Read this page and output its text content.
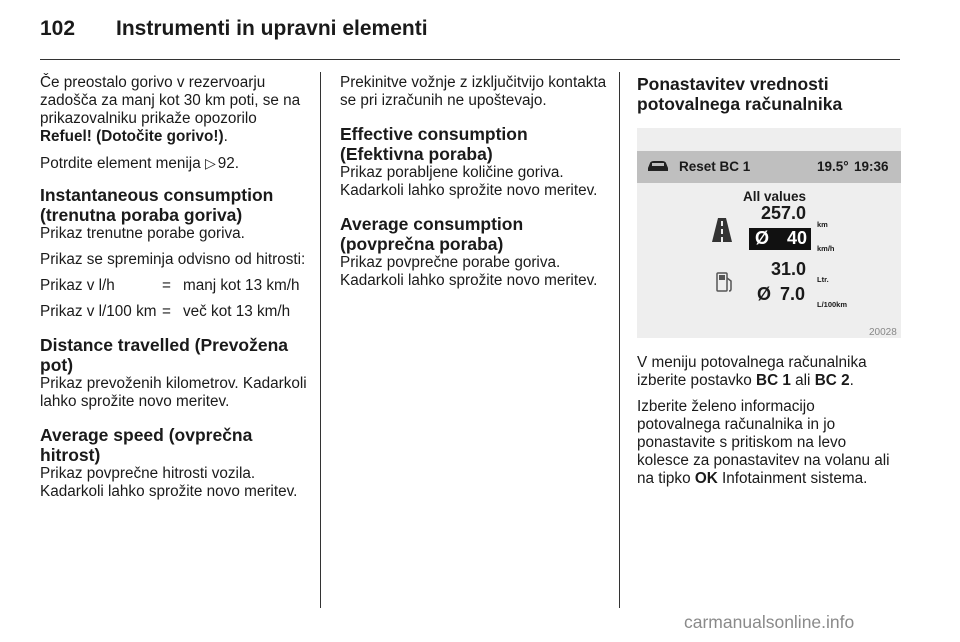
102	Instrumenti in upravni elementi

Če preostalo gorivo v rezervoarju zadošča za manj kot 30 km poti, se na prikazovalniku prikaže opozorilo Refuel! (Dotočite gorivo!).

Potrdite element menija ▷ 92.

Instantaneous consumption (trenutna poraba goriva)

Prikaz trenutne porabe goriva.

Prikaz se spreminja odvisno od hitrosti:

Prikaz v l/h	= manj kot 13 km/h
Prikaz v l/100 km = več kot 13 km/h
Distance travelled (Prevožena pot)

Prikaz prevoženih kilometrov. Kadarkoli lahko sprožite novo meritev.

Average speed (ovprečna hitrost)

Prikaz povprečne hitrosti vozila. Kadarkoli lahko sprožite novo meritev.

Prekinitve vožnje z izključitvijo kontakta se pri izračunih ne upoštevajo.

Effective consumption (Efektivna poraba)

Prikaz porabljene količine goriva. Kadarkoli lahko sprožite novo meritev.

Average consumption (povprečna poraba)

Prikaz povprečne porabe goriva. Kadarkoli lahko sprožite novo meritev.

Ponastavitev vrednosti potovalnega računalnika
Reset BC 1	19.5° 19:36
All values
257.0
km
Ø 40
km/h
31.0
Ltr.
Ø 7.0
L/100km
20028

V meniju potovalnega računalnika izberite postavko BC 1 ali BC 2.

Izberite želeno informacijo potovalnega računalnika in jo ponastavite s pritiskom na levo kolesce za ponastavitev na volanu ali na tipko OK Infotainment sistema.

carmanualsonline.info
